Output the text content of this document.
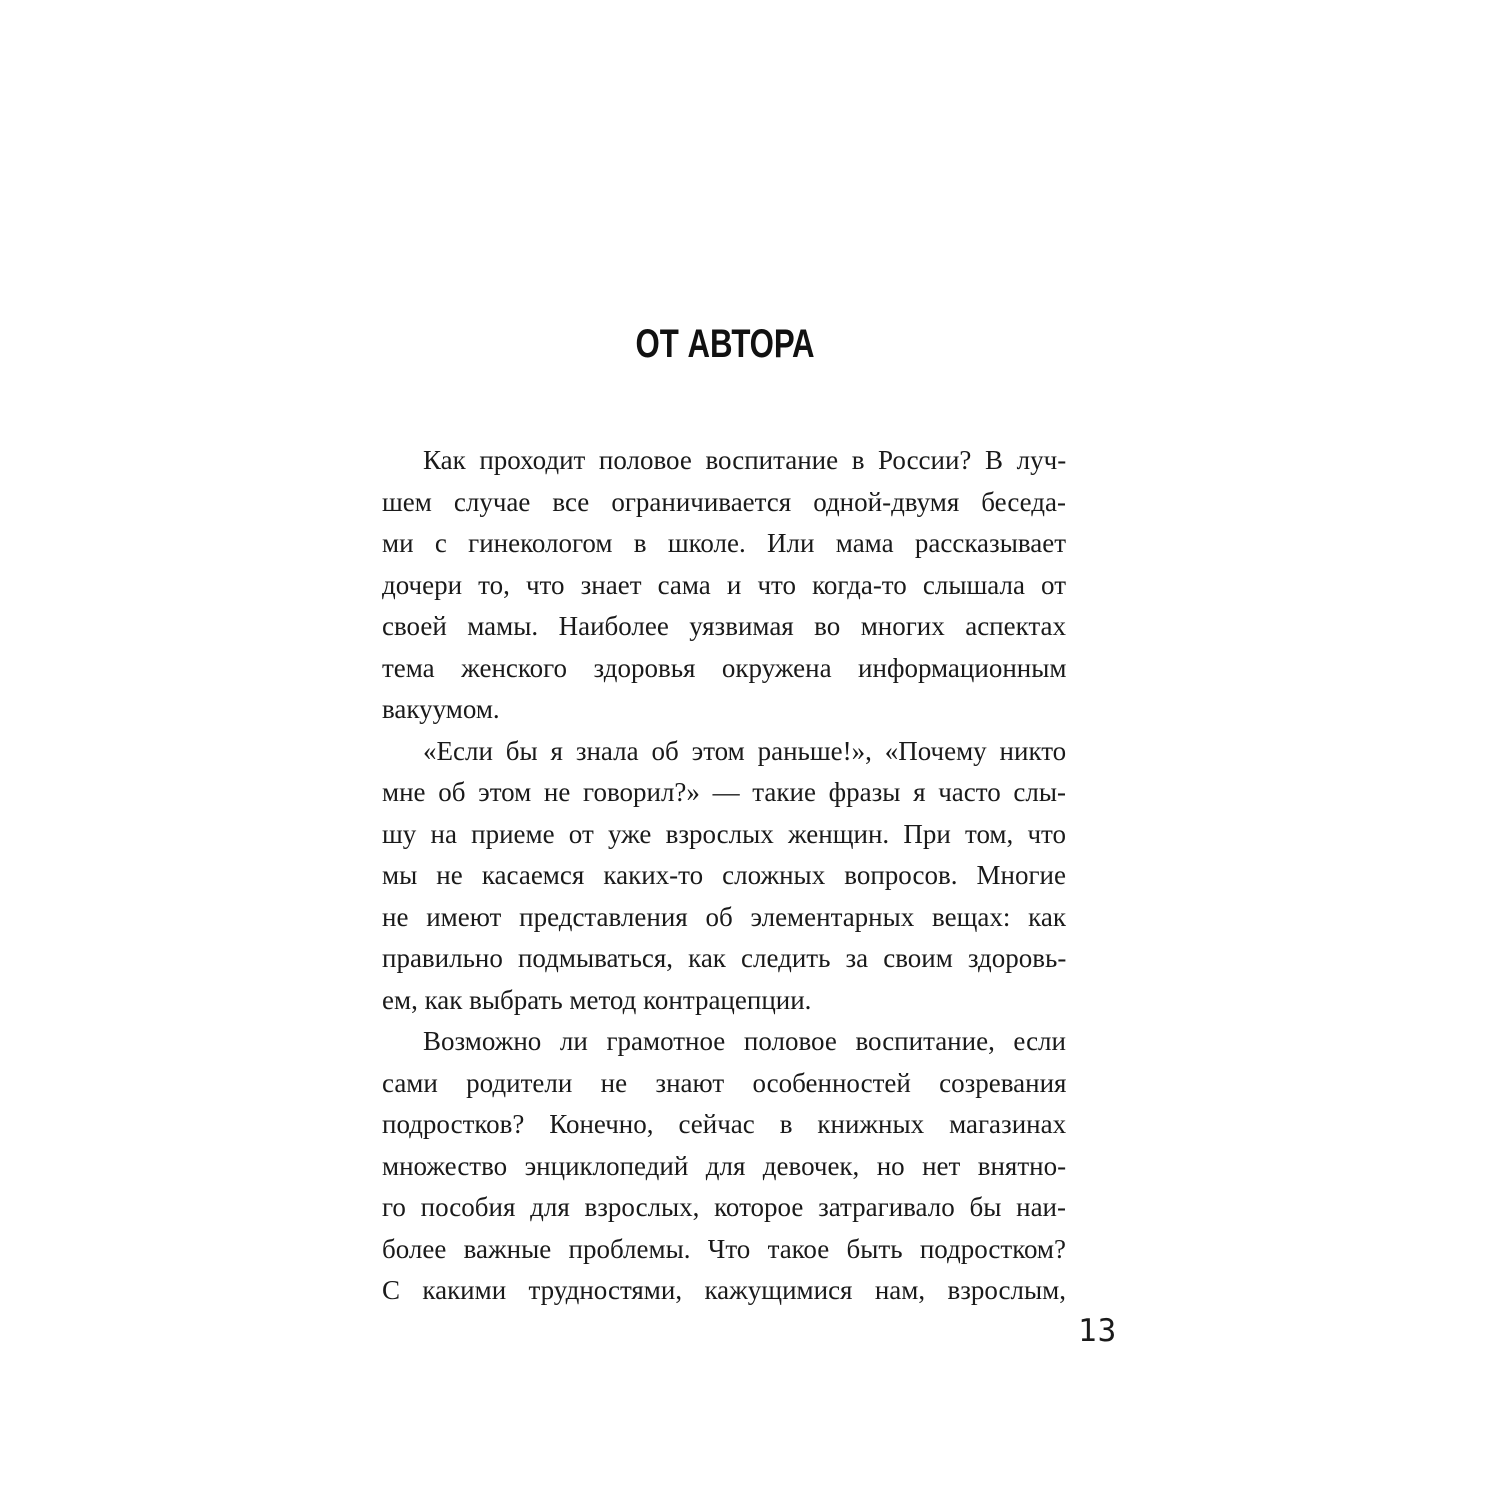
ОТ АВТОРА
Как проходит половое воспитание в России? В луч-
шем случае все ограничивается одной-двумя беседа-
ми с гинекологом в школе. Или мама рассказывает
дочери то, что знает сама и что когда-то слышала от
своей мамы. Наиболее уязвимая во многих аспектах
тема женского здоровья окружена информационным
вакуумом.
«Если бы я знала об этом раньше!», «Почему никто
мне об этом не говорил?» — такие фразы я часто слы-
шу на приеме от уже взрослых женщин. При том, что
мы не касаемся каких-то сложных вопросов. Многие
не имеют представления об элементарных вещах: как
правильно подмываться, как следить за своим здоровь-
ем, как выбрать метод контрацепции.
Возможно ли грамотное половое воспитание, если
сами родители не знают особенностей созревания
подростков? Конечно, сейчас в книжных магазинах
множество энциклопедий для девочек, но нет внятно-
го пособия для взрослых, которое затрагивало бы наи-
более важные проблемы. Что такое быть подростком?
С какими трудностями, кажущимися нам, взрослым,
13
